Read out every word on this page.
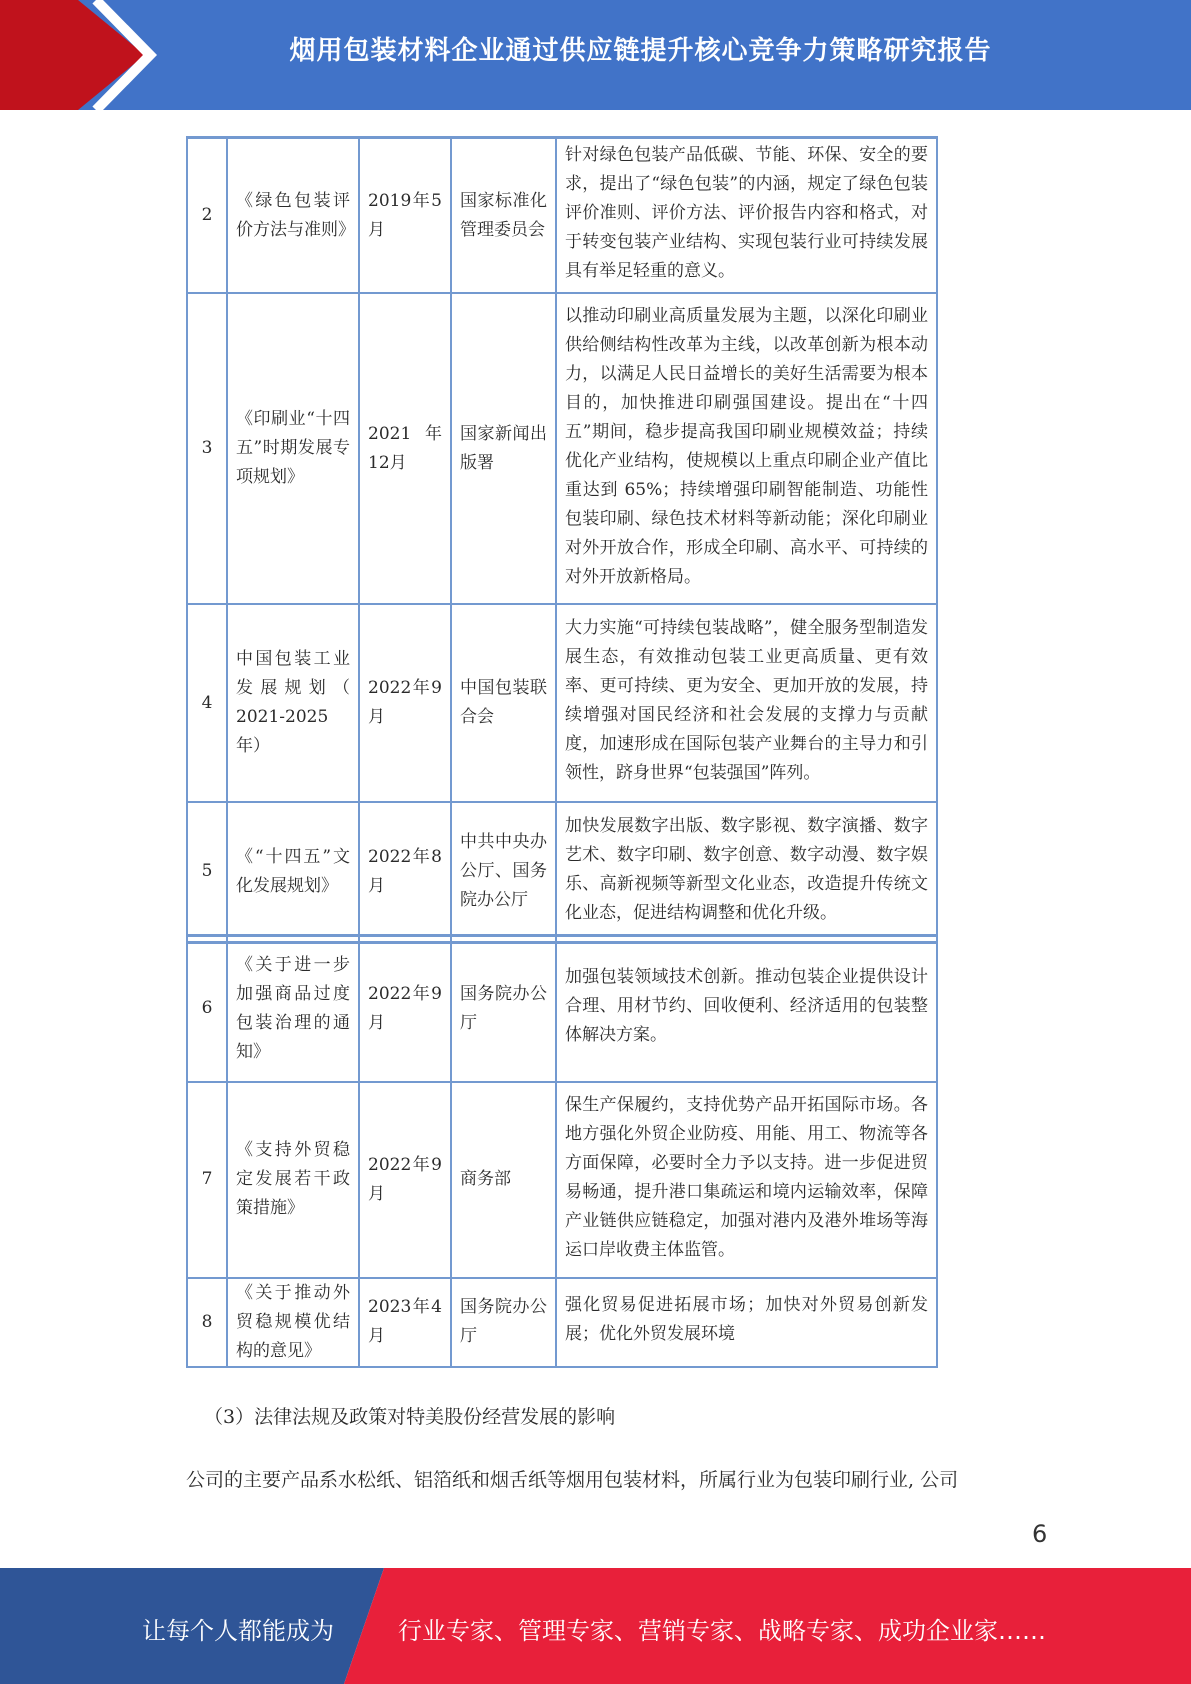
烟用包装材料企业通过供应链提升核心竞争力策略研究报告
2	《绿色包装评价方法与准则》	2019年5月	国家标准化管理委员会	针对绿色包装产品低碳、节能、环保、安全的要求，提出了“绿色包装”的内涵，规定了绿色包装评价准则、评价方法、评价报告内容和格式，对于转变包装产业结构、实现包装行业可持续发展具有举足轻重的意义。
3	《印刷业“十四五”时期发展专项规划》	2021 年12月	国家新闻出版署	以推动印刷业高质量发展为主题，以深化印刷业供给侧结构性改革为主线，以改革创新为根本动力，以满足人民日益增长的美好生活需要为根本目的，加快推进印刷强国建设。提出在“十四五”期间，稳步提高我国印刷业规模效益；持续优化产业结构，使规模以上重点印刷企业产值比重达到 65%；持续增强印刷智能制造、功能性包装印刷、绿色技术材料等新动能；深化印刷业对外开放合作，形成全印刷、高水平、可持续的对外开放新格局。
4	中国包装工业发展规划（ 2021-2025年）	2022年9月	中国包装联合会	大力实施“可持续包装战略”，健全服务型制造发展生态，有效推动包装工业更高质量、更有效率、更可持续、更为安全、更加开放的发展，持续增强对国民经济和社会发展的支撑力与贡献度，加速形成在国际包装产业舞台的主导力和引领性，跻身世界“包装强国”阵列。
5	《“十四五”文化发展规划》	2022年8月	中共中央办公厅、国务院办公厅	加快发展数字出版、数字影视、数字演播、数字艺术、数字印刷、数字创意、数字动漫、数字娱乐、高新视频等新型文化业态，改造提升传统文化业态，促进结构调整和优化升级。
6	《关于进一步加强商品过度包装治理的通知》	2022年9月	国务院办公厅	加强包装领域技术创新。推动包装企业提供设计合理、用材节约、回收便利、经济适用的包装整体解决方案。
7	《支持外贸稳定发展若干政策措施》	2022年9月	商务部	保生产保履约，支持优势产品开拓国际市场。各地方强化外贸企业防疫、用能、用工、物流等各方面保障，必要时全力予以支持。进一步促进贸易畅通，提升港口集疏运和境内运输效率，保障产业链供应链稳定，加强对港内及港外堆场等海运口岸收费主体监管。
8	《关于推动外贸稳规模优结构的意见》	2023年4月	国务院办公厅	强化贸易促进拓展市场；加快对外贸易创新发展；优化外贸发展环境
（3）法律法规及政策对特美股份经营发展的影响
公司的主要产品系水松纸、铝箔纸和烟舌纸等烟用包装材料，所属行业为包装印刷行业, 公司
6
让每个人都能成为	行业专家、管理专家、营销专家、战略专家、成功企业家……
